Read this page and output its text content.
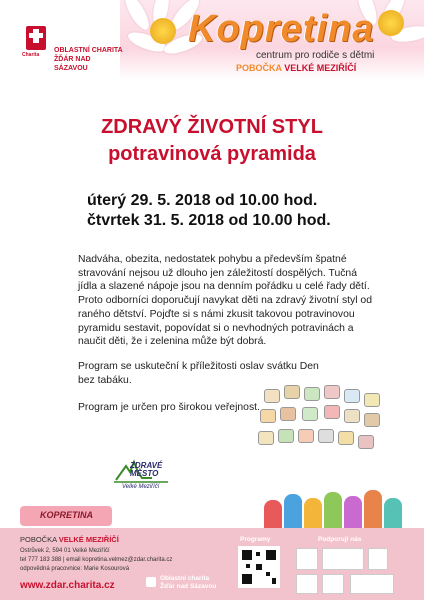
Charita
OBLASTNÍ CHARITA
ŽĎÁR NAD SÁZAVOU
Kopretina
centrum pro rodiče s dětmi
POBOČKA VELKÉ MEZIŘÍČÍ
ZDRAVÝ ŽIVOTNÍ STYL
potravinová pyramida
úterý 29. 5. 2018 od 10.00 hod.
čtvrtek 31. 5. 2018 od 10.00 hod.
Nadváha, obezita, nedostatek pohybu a především špatné stravování nejsou už dlouho jen záležitostí dospělých. Tučná jídla a slazené nápoje jsou na denním pořádku u celé řady dětí. Proto odborníci doporučují navykat děti na zdravý životní styl od raného dětství. Pojďte si s námi zkusit takovou potravinovou pyramidu sestavit, popovídat si o nevhodných potravinách a naučit děti, že i zelenina může být dobrá.
Program se uskuteční k příležitosti oslav svátku Den bez tabáku.
Program je určen pro širokou veřejnost.
ZDRAVÉ
MĚSTO
Velké Meziříčí
KOPRETINA
POBOČKA VELKÉ MEZIŘÍČÍ
Ostrůvek 2, 594 01 Velké Meziříčí
tel 777 183 388 | email kopretina.velmez@zdar.charita.cz
odpovědná pracovnice: Marie Kosourová
www.zdar.charita.cz
Oblastní charita
Žďár nad Sázavou
Programy	Podporují nás
